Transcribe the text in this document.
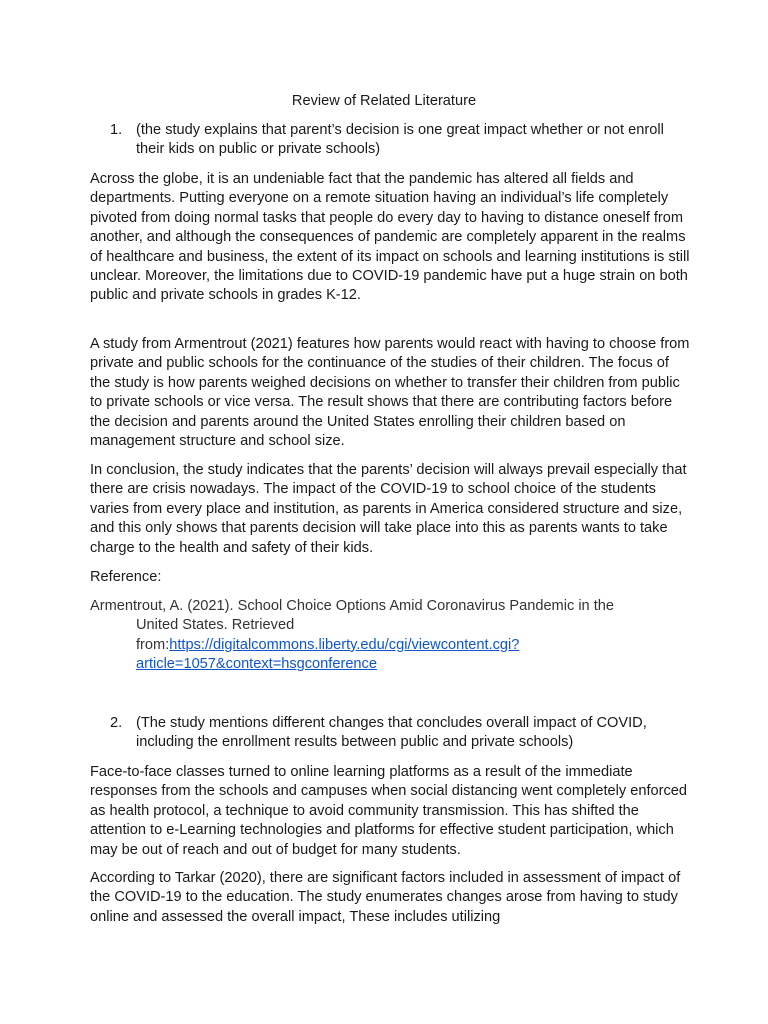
Review of Related Literature
1. (the study explains that parent’s decision is one great impact whether or not enroll their kids on public or private schools)

Across the globe, it is an undeniable fact that the pandemic has altered all fields and departments. Putting everyone on a remote situation having an individual’s life completely pivoted from doing normal tasks that people do every day to having to distance oneself from another, and although the consequences of pandemic are completely apparent in the realms of healthcare and business, the extent of its impact on schools and learning institutions is still unclear. Moreover, the limitations due to COVID-19 pandemic have put a huge strain on both public and private schools in grades K-12.

A study from Armentrout (2021) features how parents would react with having to choose from private and public schools for the continuance of the studies of their children. The focus of the study is how parents weighed decisions on whether to transfer their children from public to private schools or vice versa. The result shows that there are contributing factors before the decision and parents around the United States enrolling their children based on management structure and school size.

In conclusion, the study indicates that the parents’ decision will always prevail especially that there are crisis nowadays. The impact of the COVID-19 to school choice of the students varies from every place and institution, as parents in America considered structure and size, and this only shows that parents decision will take place into this as parents wants to take charge to the health and safety of their kids.

Reference:
Armentrout, A. (2021). School Choice Options Amid Coronavirus Pandemic in the
United States. Retrieved
from:https://digitalcommons.liberty.edu/cgi/viewcontent.cgi?
article=1057&context=hsgconference
2. (The study mentions different changes that concludes overall impact of COVID, including the enrollment results between public and private schools)

Face-to-face classes turned to online learning platforms as a result of the immediate responses from the schools and campuses when social distancing went completely enforced as health protocol, a technique to avoid community transmission. This has shifted the attention to e-Learning technologies and platforms for effective student participation, which may be out of reach and out of budget for many students.

According to Tarkar (2020), there are significant factors included in assessment of impact of the COVID-19 to the education. The study enumerates changes arose from having to study online and assessed the overall impact, These includes utilizing
